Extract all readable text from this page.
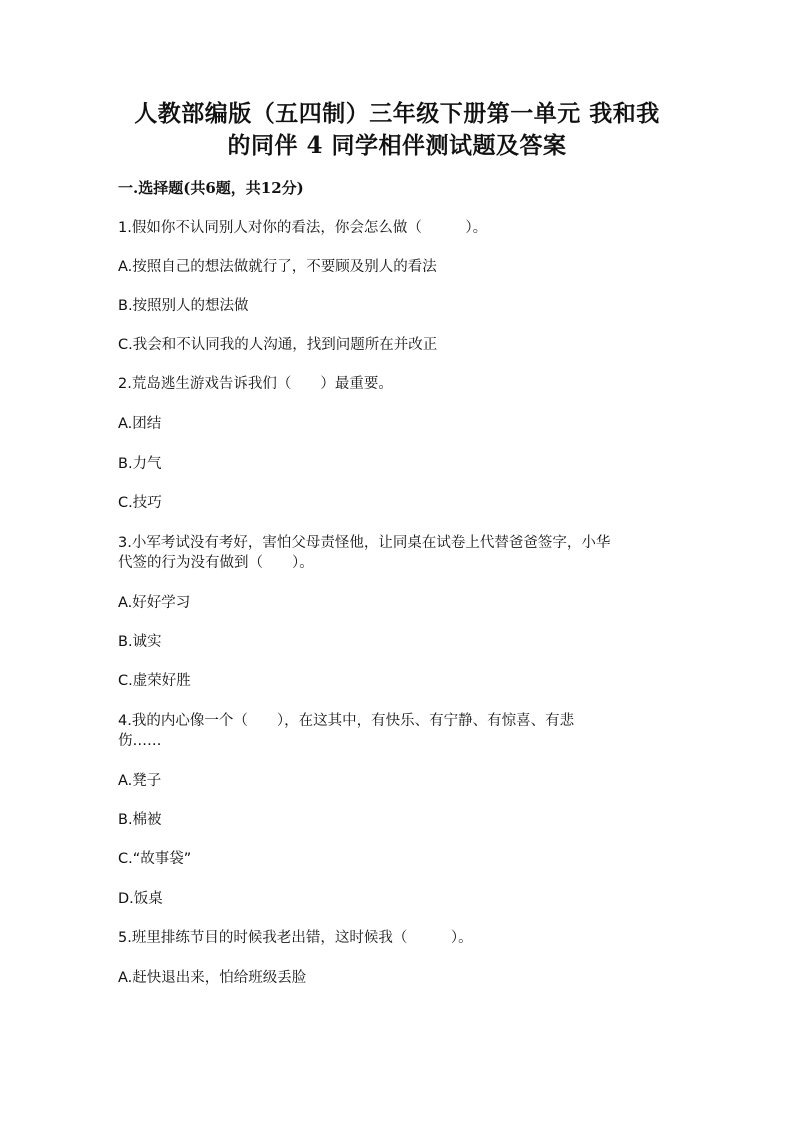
人教部编版（五四制）三年级下册第一单元 我和我
的同伴 4 同学相伴测试题及答案
一.选择题(共6题，共12分)
1.假如你不认同别人对你的看法，你会怎么做（　　　）。
A.按照自己的想法做就行了，不要顾及别人的看法
B.按照别人的想法做
C.我会和不认同我的人沟通，找到问题所在并改正
2.荒岛逃生游戏告诉我们（　　）最重要。
A.团结
B.力气
C.技巧
3.小军考试没有考好，害怕父母责怪他，让同桌在试卷上代替爸爸签字，小华
代签的行为没有做到（　　）。
A.好好学习
B.诚实
C.虚荣好胜
4.我的内心像一个（　　），在这其中，有快乐、有宁静、有惊喜、有悲
伤……
A.凳子
B.棉被
C.“故事袋”
D.饭桌
5.班里排练节目的时候我老出错，这时候我（　　　）。
A.赶快退出来，怕给班级丢脸
